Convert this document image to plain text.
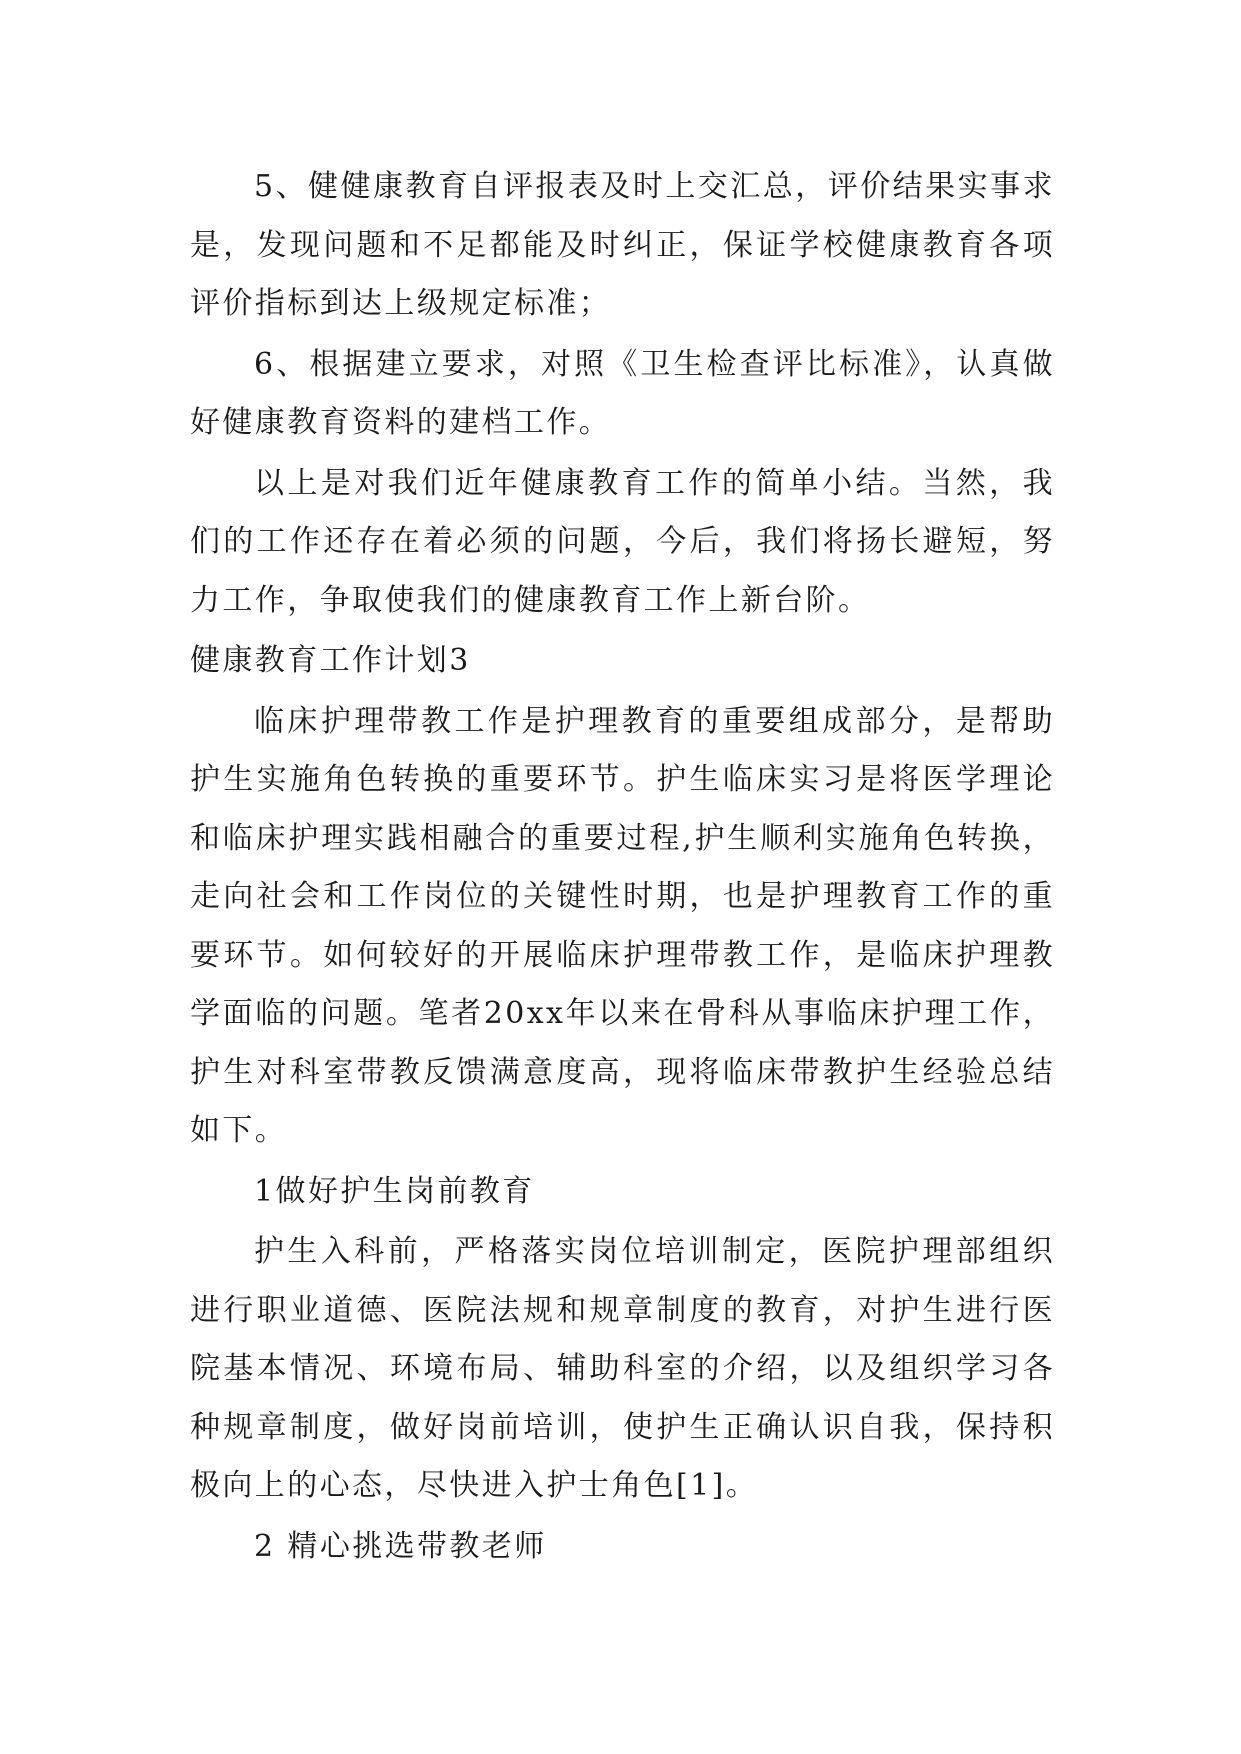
5、健健康教育自评报表及时上交汇总，评价结果实事求是，发现问题和不足都能及时纠正，保证学校健康教育各项评价指标到达上级规定标准；

6、根据建立要求，对照《卫生检查评比标准》，认真做好健康教育资料的建档工作。

以上是对我们近年健康教育工作的简单小结。当然，我们的工作还存在着必须的问题，今后，我们将扬长避短，努力工作，争取使我们的健康教育工作上新台阶。

健康教育工作计划3

临床护理带教工作是护理教育的重要组成部分，是帮助护生实施角色转换的重要环节。护生临床实习是将医学理论和临床护理实践相融合的重要过程,护生顺利实施角色转换，走向社会和工作岗位的关键性时期，也是护理教育工作的重要环节。如何较好的开展临床护理带教工作，是临床护理教学面临的问题。笔者20xx年以来在骨科从事临床护理工作，护生对科室带教反馈满意度高，现将临床带教护生经验总结如下。

1做好护生岗前教育

护生入科前，严格落实岗位培训制定，医院护理部组织进行职业道德、医院法规和规章制度的教育，对护生进行医院基本情况、环境布局、辅助科室的介绍，以及组织学习各种规章制度，做好岗前培训，使护生正确认识自我，保持积极向上的心态，尽快进入护士角色[1]。

2 精心挑选带教老师
